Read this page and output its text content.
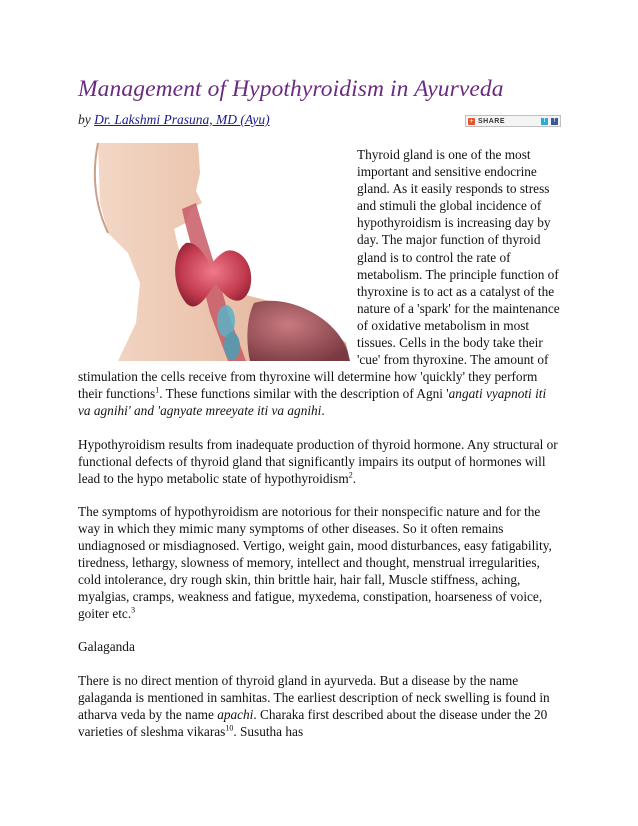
Management of Hypothyroidism in Ayurveda
by Dr. Lakshmi Prasuna, MD (Ayu)	+ SHARE	t	f

Thyroid gland is one of the most important and sensitive endocrine gland. As it easily responds to stress and stimuli the global incidence of hypothyroidism is increasing day by day. The major function of thyroid gland is to control the rate of metabolism. The principle function of thyroxine is to act as a catalyst of the nature of a 'spark' for the maintenance of oxidative metabolism in most tissues. Cells in the body take their 'cue' from thyroxine. The amount of stimulation the cells receive from thyroxine will determine how 'quickly' they perform their functions$^1$. These functions similar with the description of Agni 'angati vyapnoti iti va agnihi' and 'agnyate mreeyate iti va agnihi.

Hypothyroidism results from inadequate production of thyroid hormone. Any structural or functional defects of thyroid gland that significantly impairs its output of hormones will lead to the hypo metabolic state of hypothyroidism$^2$.

The symptoms of hypothyroidism are notorious for their nonspecific nature and for the way in which they mimic many symptoms of other diseases. So it often remains undiagnosed or misdiagnosed. Vertigo, weight gain, mood disturbances, easy fatigability, tiredness, lethargy, slowness of memory, intellect and thought, menstrual irregularities, cold intolerance, dry rough skin, thin brittle hair, hair fall, Muscle stiffness, aching, myalgias, cramps, weakness and fatigue, myxedema, constipation, hoarseness of voice, goiter etc.$^3$

Galaganda

There is no direct mention of thyroid gland in ayurveda. But a disease by the name galaganda is mentioned in samhitas. The earliest description of neck swelling is found in atharva veda by the name apachi. Charaka first described about the disease under the 20 varieties of sleshma vikaras$^{10}$. Susutha has
